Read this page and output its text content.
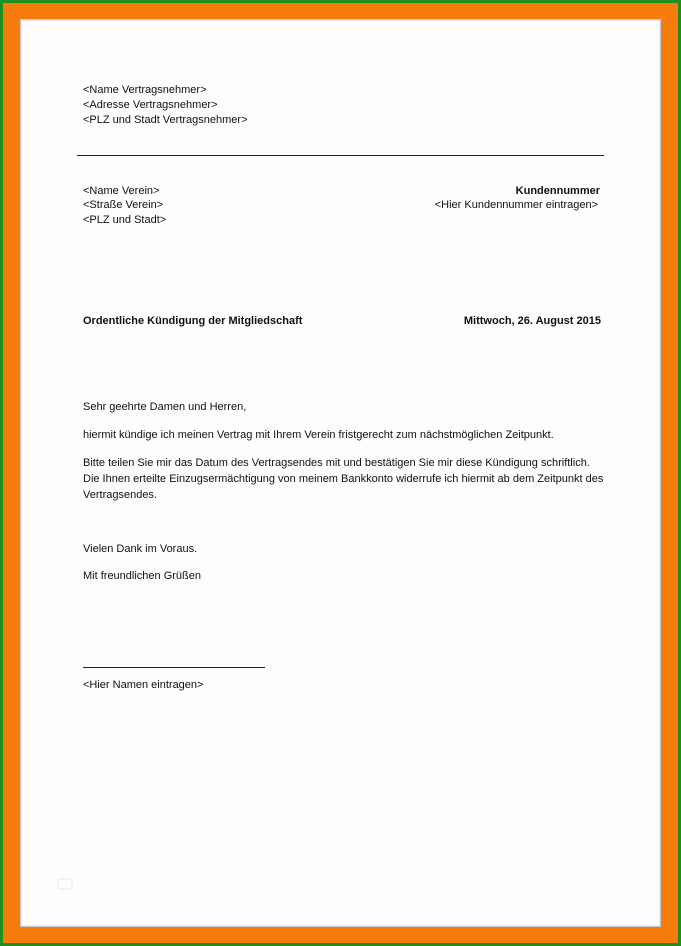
<Name Vertragsnehmer>
<Adresse Vertragsnehmer>
<PLZ und Stadt Vertragsnehmer>
<Name Verein>
<Straße Verein>
<PLZ und Stadt>
Kundennummer
<Hier Kundennummer eintragen>
Ordentliche Kündigung der Mitgliedschaft	Mittwoch, 26. August 2015
Sehr geehrte Damen und Herren,
hiermit kündige ich meinen Vertrag mit Ihrem Verein fristgerecht zum nächstmöglichen Zeitpunkt.
Bitte teilen Sie mir das Datum des Vertragsendes mit und bestätigen Sie mir diese Kündigung schriftlich.
Die Ihnen erteilte Einzugsermächtigung von meinem Bankkonto widerrufe ich hiermit ab dem Zeitpunkt des
Vertragsendes.
Vielen Dank im Voraus.
Mit freundlichen Grüßen
<Hier Namen eintragen>
